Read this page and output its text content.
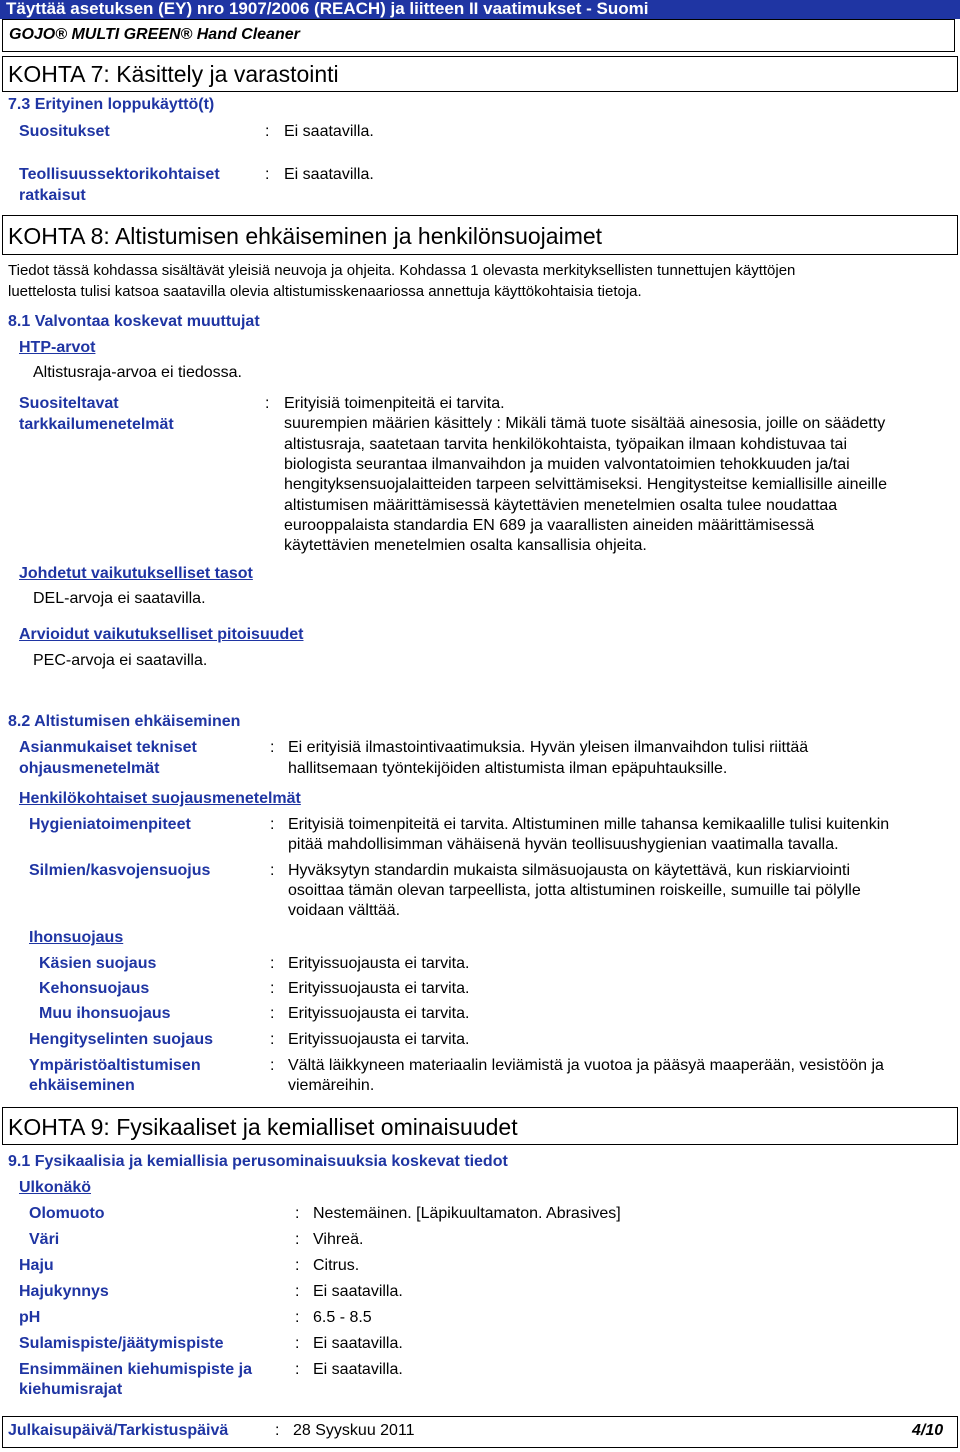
Täyttää asetuksen (EY) nro 1907/2006 (REACH) ja liitteen II vaatimukset - Suomi
GOJO® MULTI GREEN® Hand Cleaner
KOHTA 7: Käsittely ja varastointi
7.3 Erityinen loppukäyttö(t)
Suositukset	: Ei saatavilla.
Teollisuussektorikohtaiset
ratkaisut
: Ei saatavilla.
KOHTA 8: Altistumisen ehkäiseminen ja henkilönsuojaimet
Tiedot tässä kohdassa sisältävät yleisiä neuvoja ja ohjeita. Kohdassa 1 olevasta merkityksellisten tunnettujen käyttöjen
luettelosta tulisi katsoa saatavilla olevia altistumisskenaariossa annettuja käyttökohtaisia tietoja.
8.1 Valvontaa koskevat muuttujat
HTP-arvot
Altistusraja-arvoa ei tiedossa.
Suositeltavat
tarkkailumenetelmät
: Erityisiä toimenpiteitä ei tarvita.
suurempien määrien käsittely : Mikäli tämä tuote sisältää ainesosia, joille on säädetty
altistusraja, saatetaan tarvita henkilökohtaista, työpaikan ilmaan kohdistuvaa tai
biologista seurantaa ilmanvaihdon ja muiden valvontatoimien tehokkuuden ja/tai
hengityksensuojalaitteiden tarpeen selvittämiseksi. Hengitysteitse kemiallisille aineille
altistumisen määrittämisessä käytettävien menetelmien osalta tulee noudattaa
eurooppalaista standardia EN 689 ja vaarallisten aineiden määrittämisessä
käytettävien menetelmien osalta kansallisia ohjeita.
Johdetut vaikutukselliset tasot
DEL-arvoja ei saatavilla.
Arvioidut vaikutukselliset pitoisuudet
PEC-arvoja ei saatavilla.
8.2 Altistumisen ehkäiseminen
Asianmukaiset tekniset
ohjausmenetelmät
: Ei erityisiä ilmastointivaatimuksia. Hyvän yleisen ilmanvaihdon tulisi riittää
hallitsemaan työntekijöiden altistumista ilman epäpuhtauksille.
Henkilökohtaiset suojausmenetelmät
Hygieniatoimenpiteet	: Erityisiä toimenpiteitä ei tarvita. Altistuminen mille tahansa kemikaalille tulisi kuitenkin
pitää mahdollisimman vähäisenä hyvän teollisuushygienian vaatimalla tavalla.
Silmien/kasvojensuojus	: Hyväksytyn standardin mukaista silmäsuojausta on käytettävä, kun riskiarviointi
osoittaa tämän olevan tarpeellista, jotta altistuminen roiskeille, sumuille tai pölylle
voidaan välttää.
Ihonsuojaus
Käsien suojaus	: Erityissuojausta ei tarvita.
Kehonsuojaus	: Erityissuojausta ei tarvita.
Muu ihonsuojaus	: Erityissuojausta ei tarvita.
Hengityselinten suojaus	: Erityissuojausta ei tarvita.
Ympäristöaltistumisen
ehkäiseminen
: Vältä läikkyneen materiaalin leviämistä ja vuotoa ja pääsyä maaperään, vesistöön ja
viemäreihin.
KOHTA 9: Fysikaaliset ja kemialliset ominaisuudet
9.1 Fysikaalisia ja kemiallisia perusominaisuuksia koskevat tiedot
Ulkonäkö
Olomuoto	: Nestemäinen. [Läpikuultamaton. Abrasives]
Väri	: Vihreä.
Haju	: Citrus.
Hajukynnys	: Ei saatavilla.
pH	: 6.5 - 8.5
Sulamispiste/jäätymispiste	: Ei saatavilla.
Ensimmäinen kiehumispiste ja
kiehumisrajat
: Ei saatavilla.
Julkaisupäivä/Tarkistuspäivä	: 28 Syyskuu 2011	4/10
